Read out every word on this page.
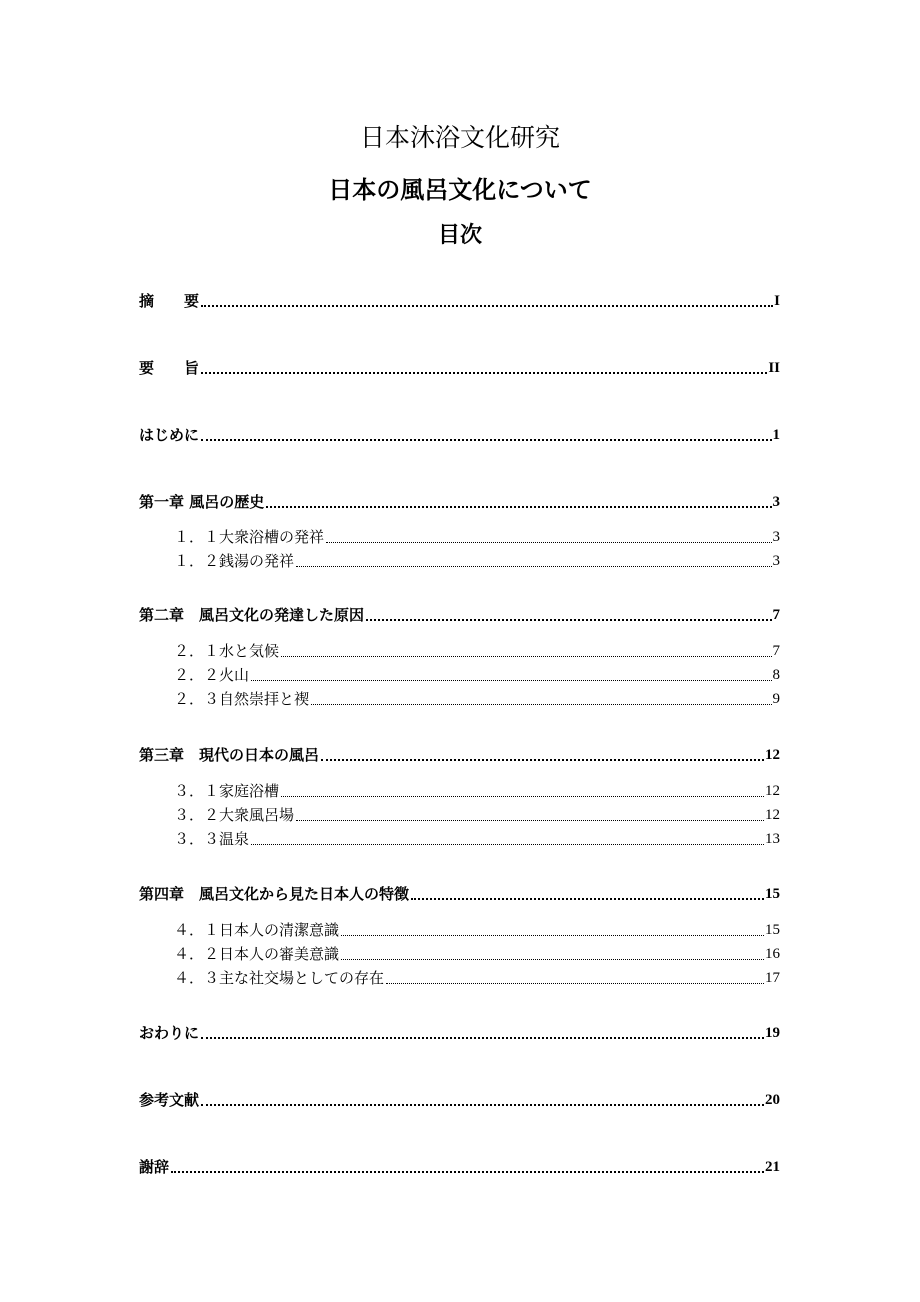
日本沐浴文化研究
日本の風呂文化について
目次
摘　　要	I
要　　旨	II
はじめに	1
第一章 風呂の歴史	3
１．１大衆浴槽の発祥	3
１．２銭湯の発祥	3
第二章　風呂文化の発達した原因	7
２．１水と気候	7
２．２火山	8
２．３自然崇拝と禊	9
第三章　現代の日本の風呂	12
３．１家庭浴槽	12
３．２大衆風呂場	12
３．３温泉	13
第四章　風呂文化から見た日本人の特徴	15
４．１日本人の清潔意識	15
４．２日本人の審美意識	16
４．３主な社交場としての存在	17
おわりに	19
参考文献	20
謝辞	21
